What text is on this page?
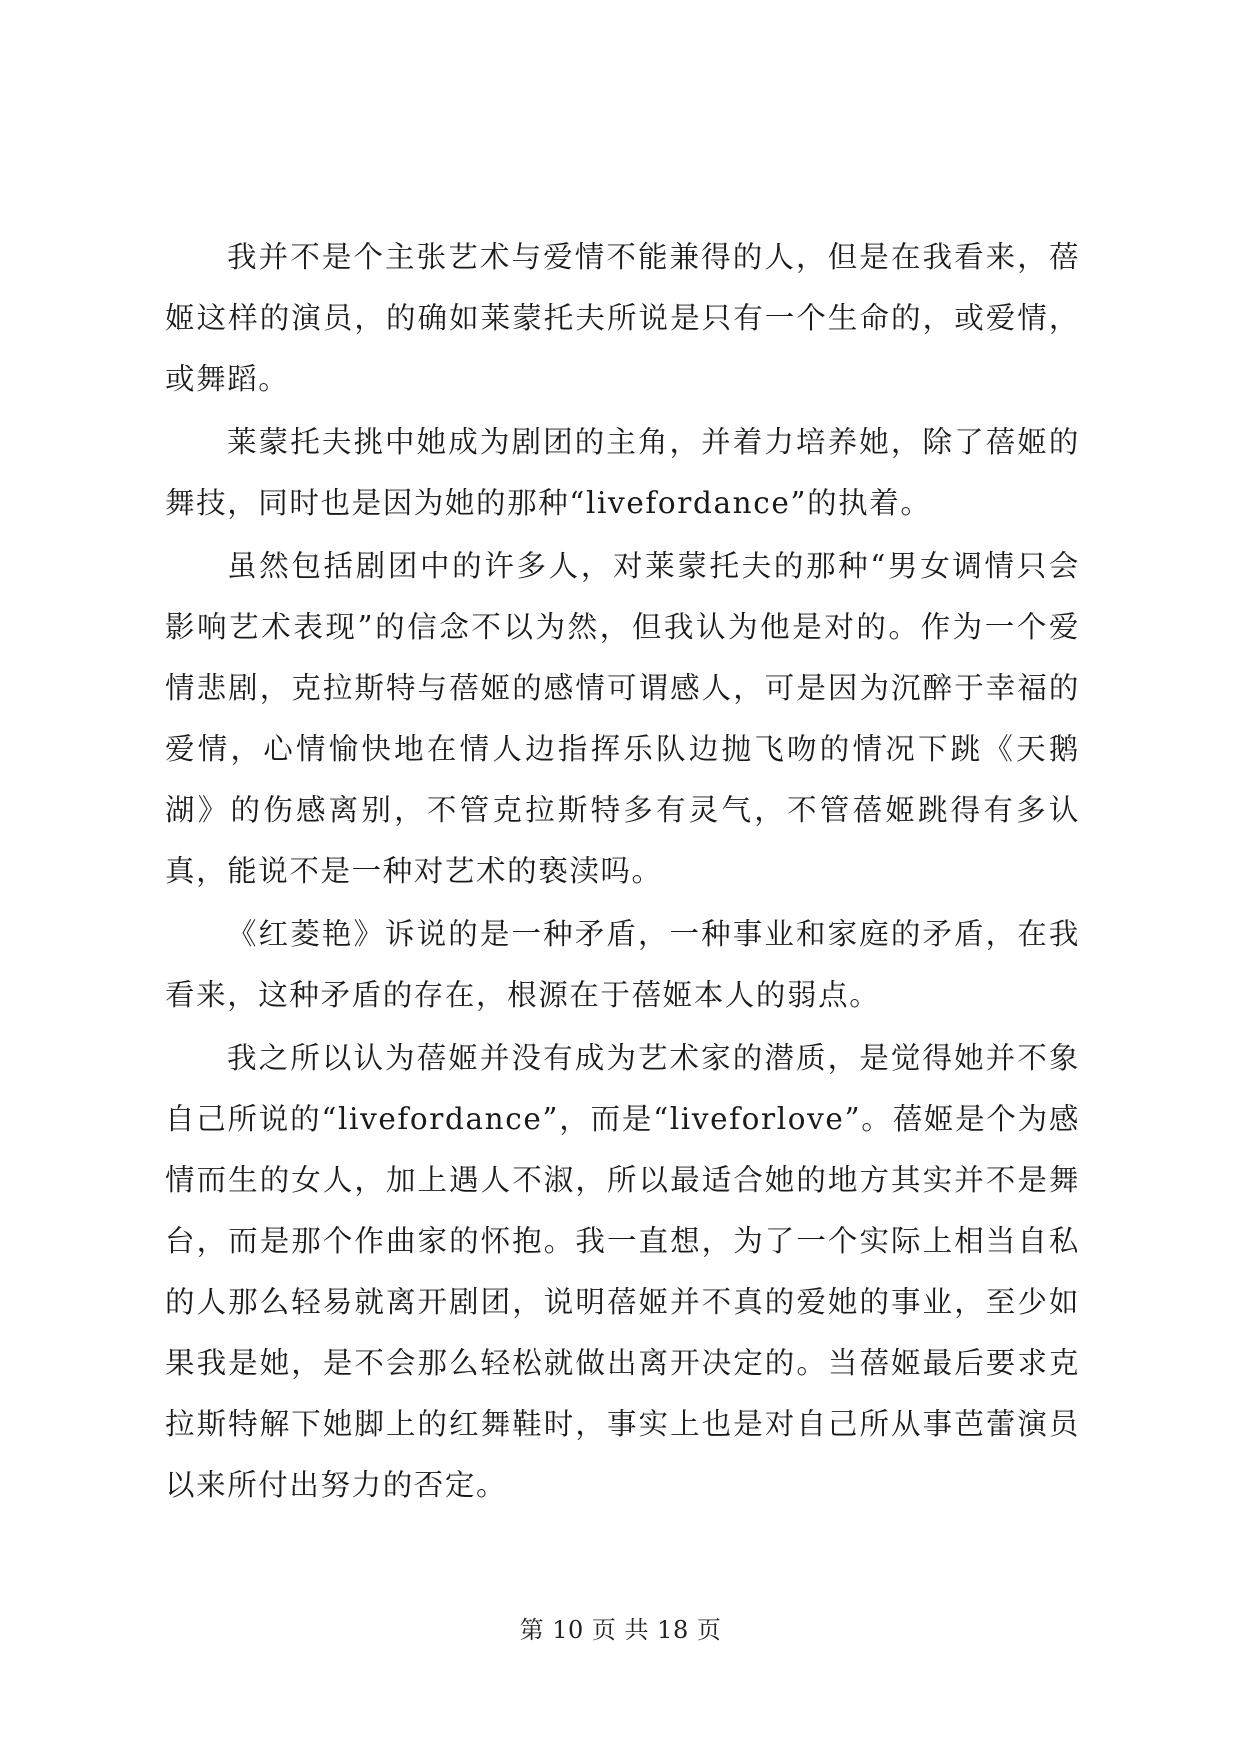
我并不是个主张艺术与爱情不能兼得的人，但是在我看来，蓓姬这样的演员，的确如莱蒙托夫所说是只有一个生命的，或爱情，或舞蹈。

莱蒙托夫挑中她成为剧团的主角，并着力培养她，除了蓓姬的舞技，同时也是因为她的那种“livefordance”的执着。

虽然包括剧团中的许多人，对莱蒙托夫的那种“男女调情只会影响艺术表现”的信念不以为然，但我认为他是对的。作为一个爱情悲剧，克拉斯特与蓓姬的感情可谓感人，可是因为沉醉于幸福的爱情，心情愉快地在情人边指挥乐队边抛飞吻的情况下跳《天鹅湖》的伤感离别，不管克拉斯特多有灵气，不管蓓姬跳得有多认真，能说不是一种对艺术的亵渎吗。

《红菱艳》诉说的是一种矛盾，一种事业和家庭的矛盾，在我看来，这种矛盾的存在，根源在于蓓姬本人的弱点。

我之所以认为蓓姬并没有成为艺术家的潜质，是觉得她并不象自己所说的“livefordance”，而是“liveforlove”。蓓姬是个为感情而生的女人，加上遇人不淑，所以最适合她的地方其实并不是舞台，而是那个作曲家的怀抱。我一直想，为了一个实际上相当自私的人那么轻易就离开剧团，说明蓓姬并不真的爱她的事业，至少如果我是她，是不会那么轻松就做出离开决定的。当蓓姬最后要求克拉斯特解下她脚上的红舞鞋时，事实上也是对自己所从事芭蕾演员以来所付出努力的否定。

第 10 页 共 18 页
